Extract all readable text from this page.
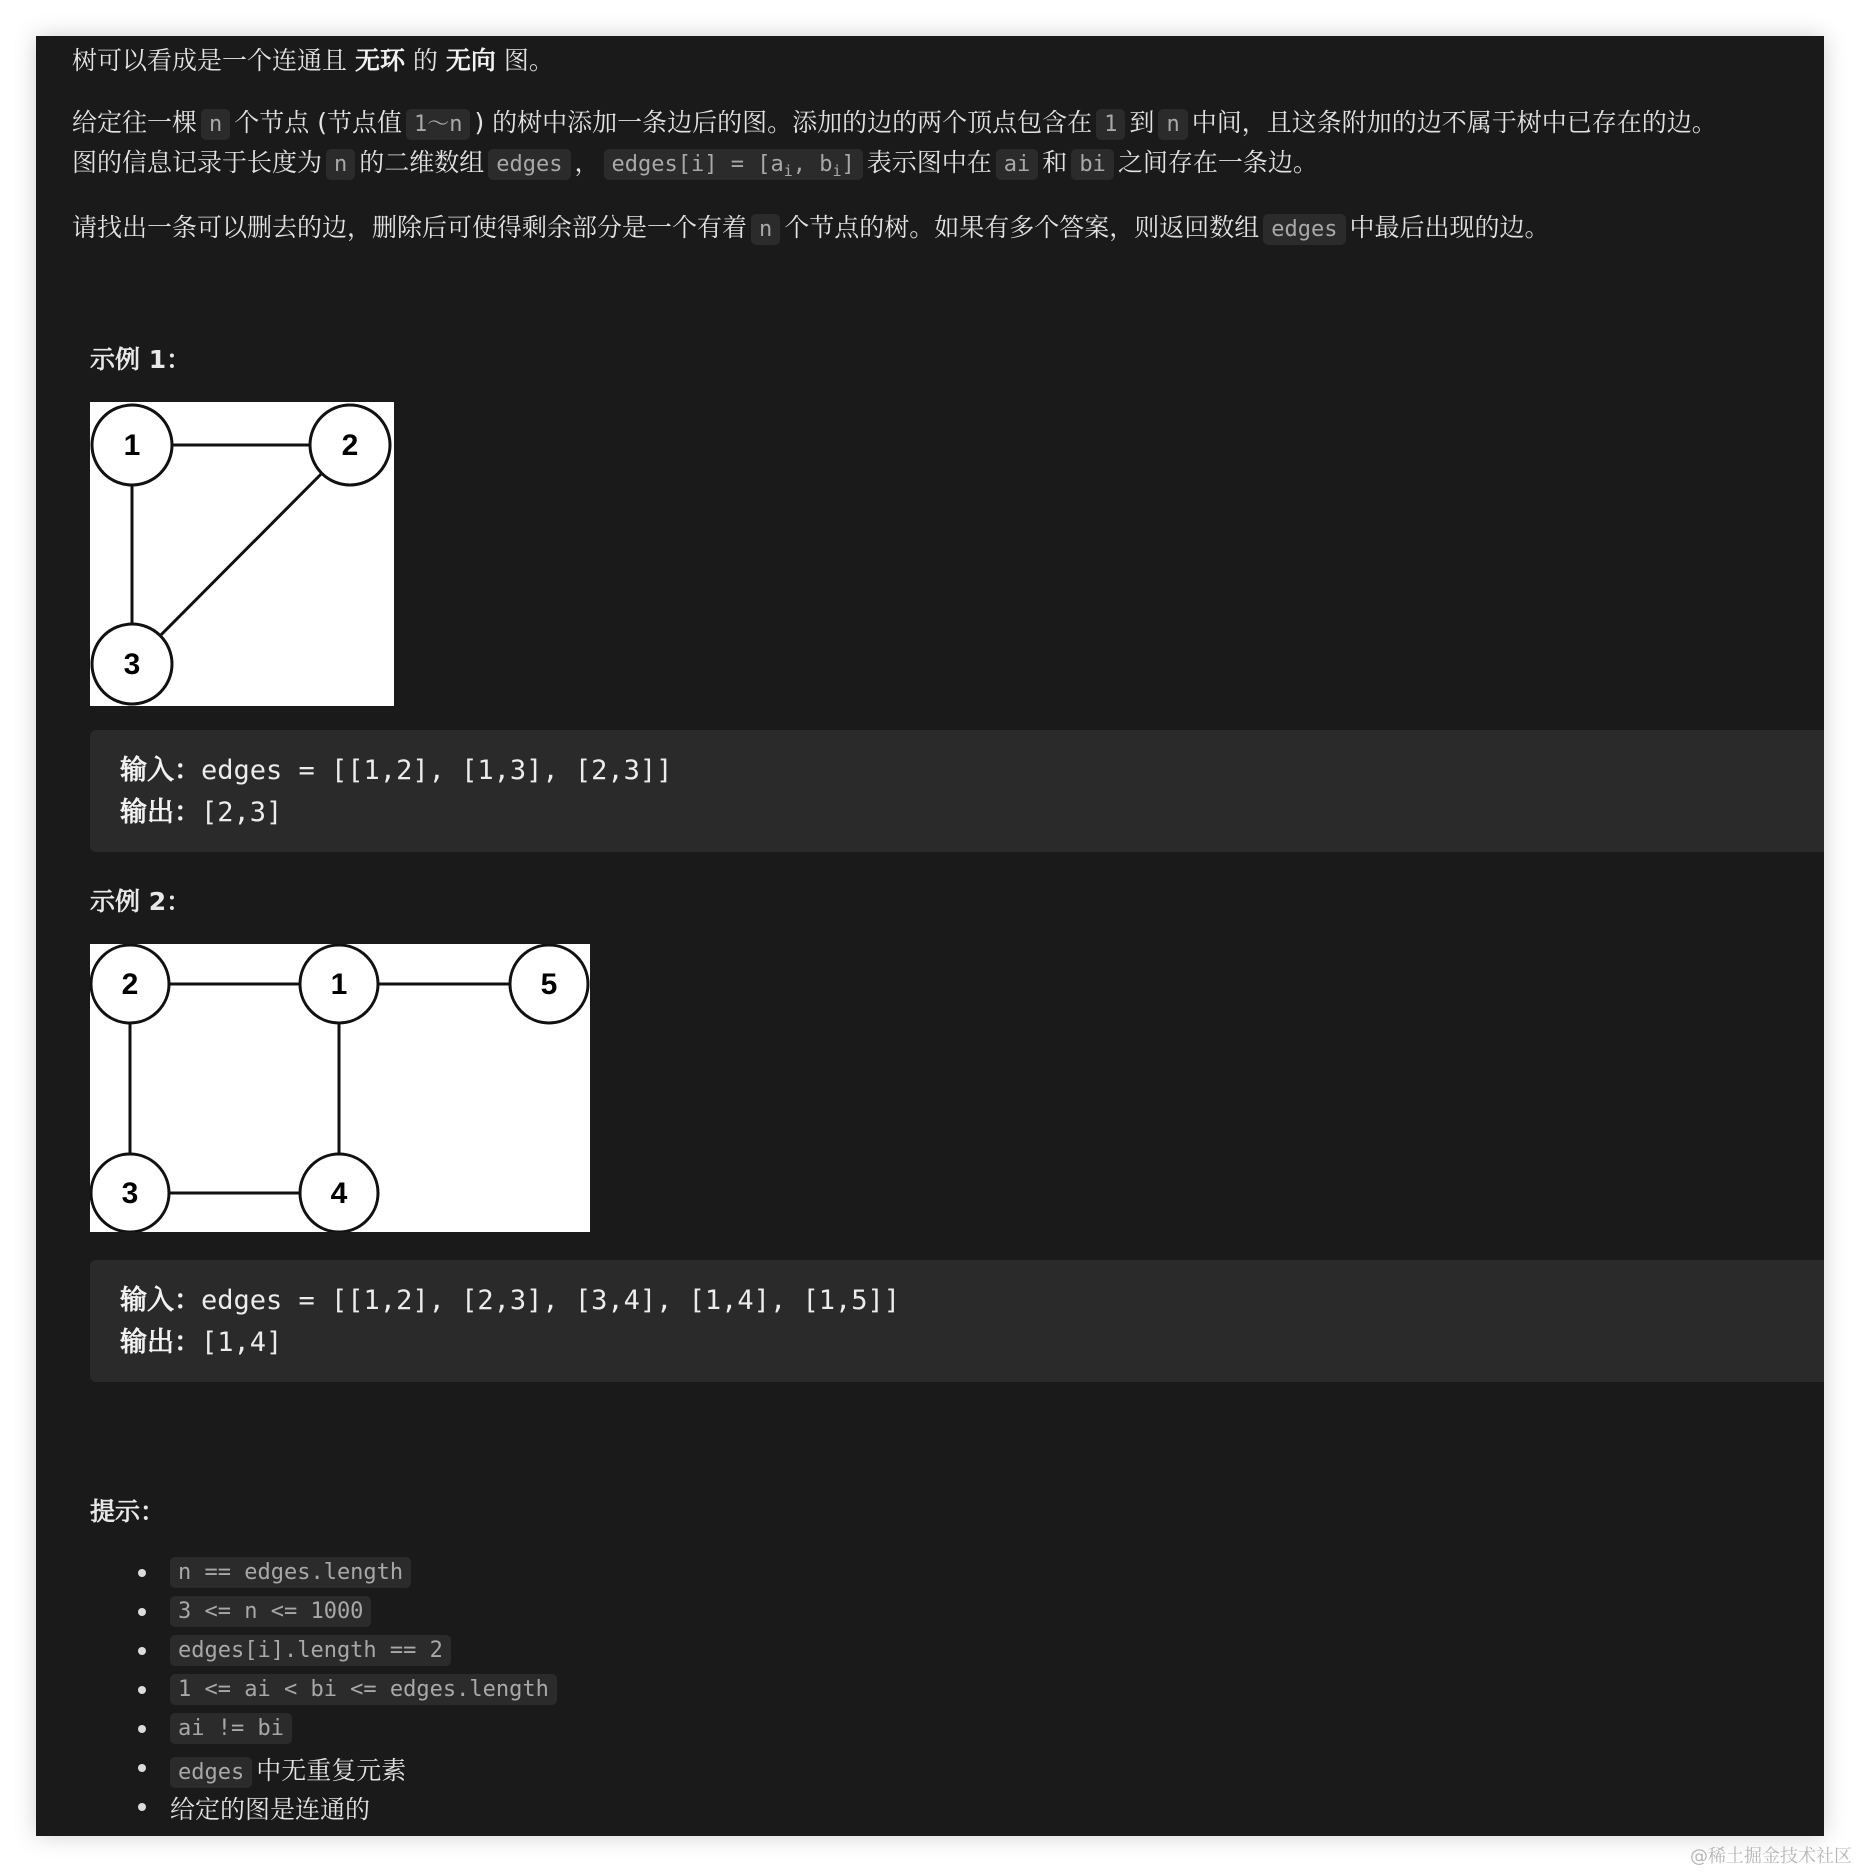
树可以看成是一个连通且 无环 的 无向 图。

给定往一棵 n 个节点 (节点值 1～n ) 的树中添加一条边后的图。添加的边的两个顶点包含在 1 到 n 中间，且这条附加的边不属于树中已存在的边。

图的信息记录于长度为 n 的二维数组 edges ， edges[i] = [$a_i$, $b_i$] 表示图中在 ai 和 bi 之间存在一条边。

请找出一条可以删去的边，删除后可使得剩余部分是一个有着 n 个节点的树。如果有多个答案，则返回数组 edges 中最后出现的边。

示例 1：
1	2
3
输入：edges = [[1,2], [1,3], [2,3]]
输出：[2,3]
示例 2：
2	1	5
3	4
输入：edges = [[1,2], [2,3], [3,4], [1,4], [1,5]]
输出：[1,4]
提示：
n == edges.length
3 <= n <= 1000
edges[i].length == 2
1 <= ai < bi <= edges.length
ai != bi
edges 中无重复元素
给定的图是连通的
@稀土掘金技术社区
